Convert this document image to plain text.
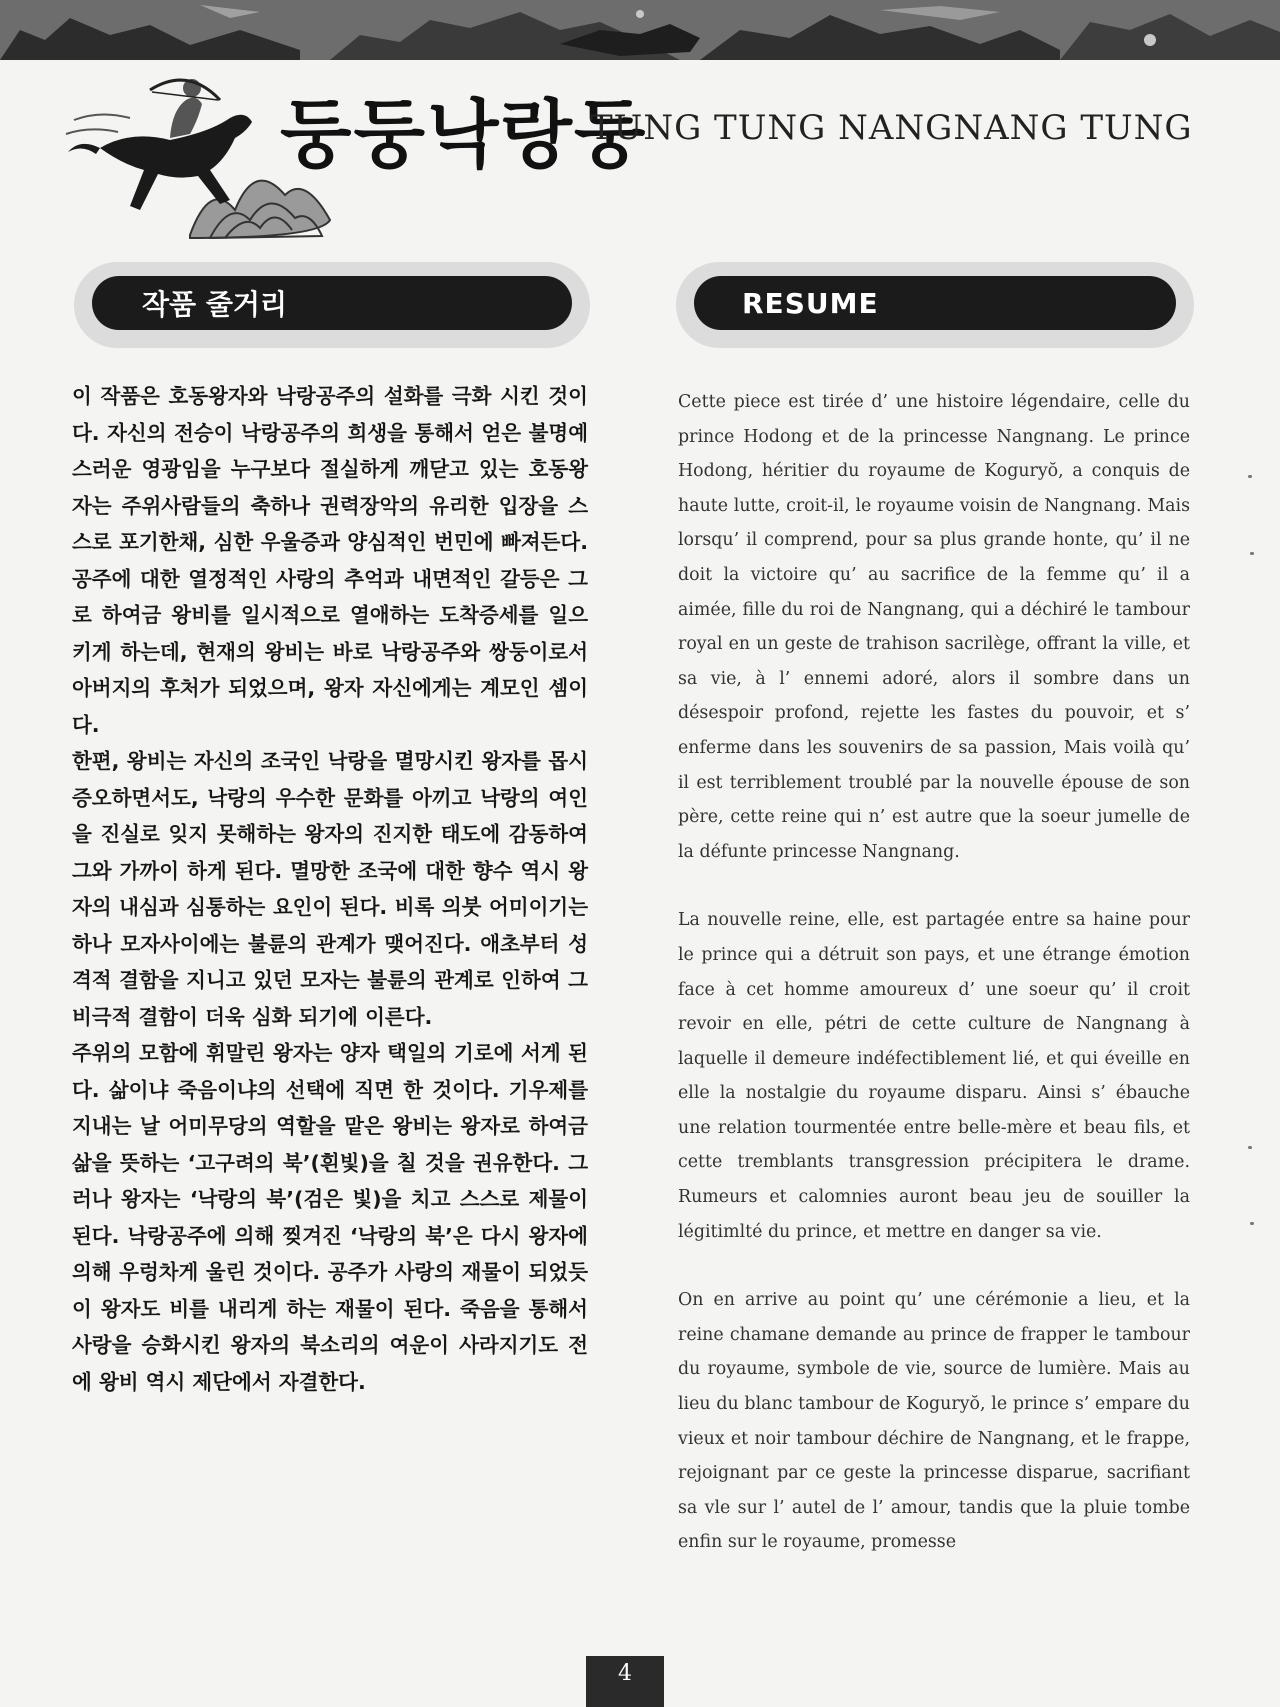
둥둥낙랑둥
TUNG TUNG NANGNANG TUNG
작품 줄거리	RESUME

이 작품은 호동왕자와 낙랑공주의 설화를 극화 시킨 것이다. 자신의 전승이 낙랑공주의 희생을 통해서 얻은 불명예스러운 영광임을 누구보다 절실하게 깨닫고 있는 호동왕자는 주위사람들의 축하나 권력장악의 유리한 입장을 스스로 포기한채, 심한 우울증과 양심적인 번민에 빠져든다. 공주에 대한 열정적인 사랑의 추억과 내면적인 갈등은 그로 하여금 왕비를 일시적으로 열애하는 도착증세를 일으키게 하는데, 현재의 왕비는 바로 낙랑공주와 쌍둥이로서 아버지의 후처가 되었으며, 왕자 자신에게는 계모인 셈이다.

한편, 왕비는 자신의 조국인 낙랑을 멸망시킨 왕자를 몹시 증오하면서도, 낙랑의 우수한 문화를 아끼고 낙랑의 여인을 진실로 잊지 못해하는 왕자의 진지한 태도에 감동하여 그와 가까이 하게 된다. 멸망한 조국에 대한 향수 역시 왕자의 내심과 심통하는 요인이 된다. 비록 의붓 어미이기는 하나 모자사이에는 불륜의 관계가 맺어진다. 애초부터 성격적 결함을 지니고 있던 모자는 불륜의 관계로 인하여 그 비극적 결함이 더욱 심화 되기에 이른다.

주위의 모함에 휘말린 왕자는 양자 택일의 기로에 서게 된다. 삶이냐 죽음이냐의 선택에 직면 한 것이다. 기우제를 지내는 날 어미무당의 역할을 맡은 왕비는 왕자로 하여금 삶을 뜻하는 ‘고구려의 북’(흰빛)을 칠 것을 권유한다. 그러나 왕자는 ‘낙랑의 북’(검은 빛)을 치고 스스로 제물이 된다. 낙랑공주에 의해 찢겨진 ‘낙랑의 북’은 다시 왕자에 의해 우렁차게 울린 것이다. 공주가 사랑의 재물이 되었듯이 왕자도 비를 내리게 하는 재물이 된다. 죽음을 통해서 사랑을 승화시킨 왕자의 북소리의 여운이 사라지기도 전에 왕비 역시 제단에서 자결한다.

Cette piece est tirée d’ une histoire légendaire, celle du prince Hodong et de la princesse Nangnang. Le prince Hodong, héritier du royaume de Koguryŏ, a conquis de haute lutte, croit-il, le royaume voisin de Nangnang. Mais lorsqu’ il comprend, pour sa plus grande honte, qu’ il ne doit la victoire qu’ au sacrifice de la femme qu’ il a aimée, fille du roi de Nangnang, qui a déchiré le tambour royal en un geste de trahison sacrilège, offrant la ville, et sa vie, à l’ ennemi adoré, alors il sombre dans un désespoir profond, rejette les fastes du pouvoir, et s’ enferme dans les souvenirs de sa passion, Mais voilà qu’ il est terriblement troublé par la nouvelle épouse de son père, cette reine qui n’ est autre que la soeur jumelle de la défunte princesse Nangnang.

La nouvelle reine, elle, est partagée entre sa haine pour le prince qui a détruit son pays, et une étrange émotion face à cet homme amoureux d’ une soeur qu’ il croit revoir en elle, pétri de cette culture de Nangnang à laquelle il demeure indéfectiblement lié, et qui éveille en elle la nostalgie du royaume disparu. Ainsi s’ ébauche une relation tourmentée entre belle-mère et beau fils, et cette tremblants transgression précipitera le drame. Rumeurs et calomnies auront beau jeu de souiller la légitimlté du prince, et mettre en danger sa vie.

On en arrive au point qu’ une cérémonie a lieu, et la reine chamane demande au prince de frapper le tambour du royaume, symbole de vie, source de lumière. Mais au lieu du blanc tambour de Koguryŏ, le prince s’ empare du vieux et noir tambour déchire de Nangnang, et le frappe, rejoignant par ce geste la princesse disparue, sacrifiant sa vle sur l’ autel de l’ amour, tandis que la pluie tombe enfin sur le royaume, promesse

4
